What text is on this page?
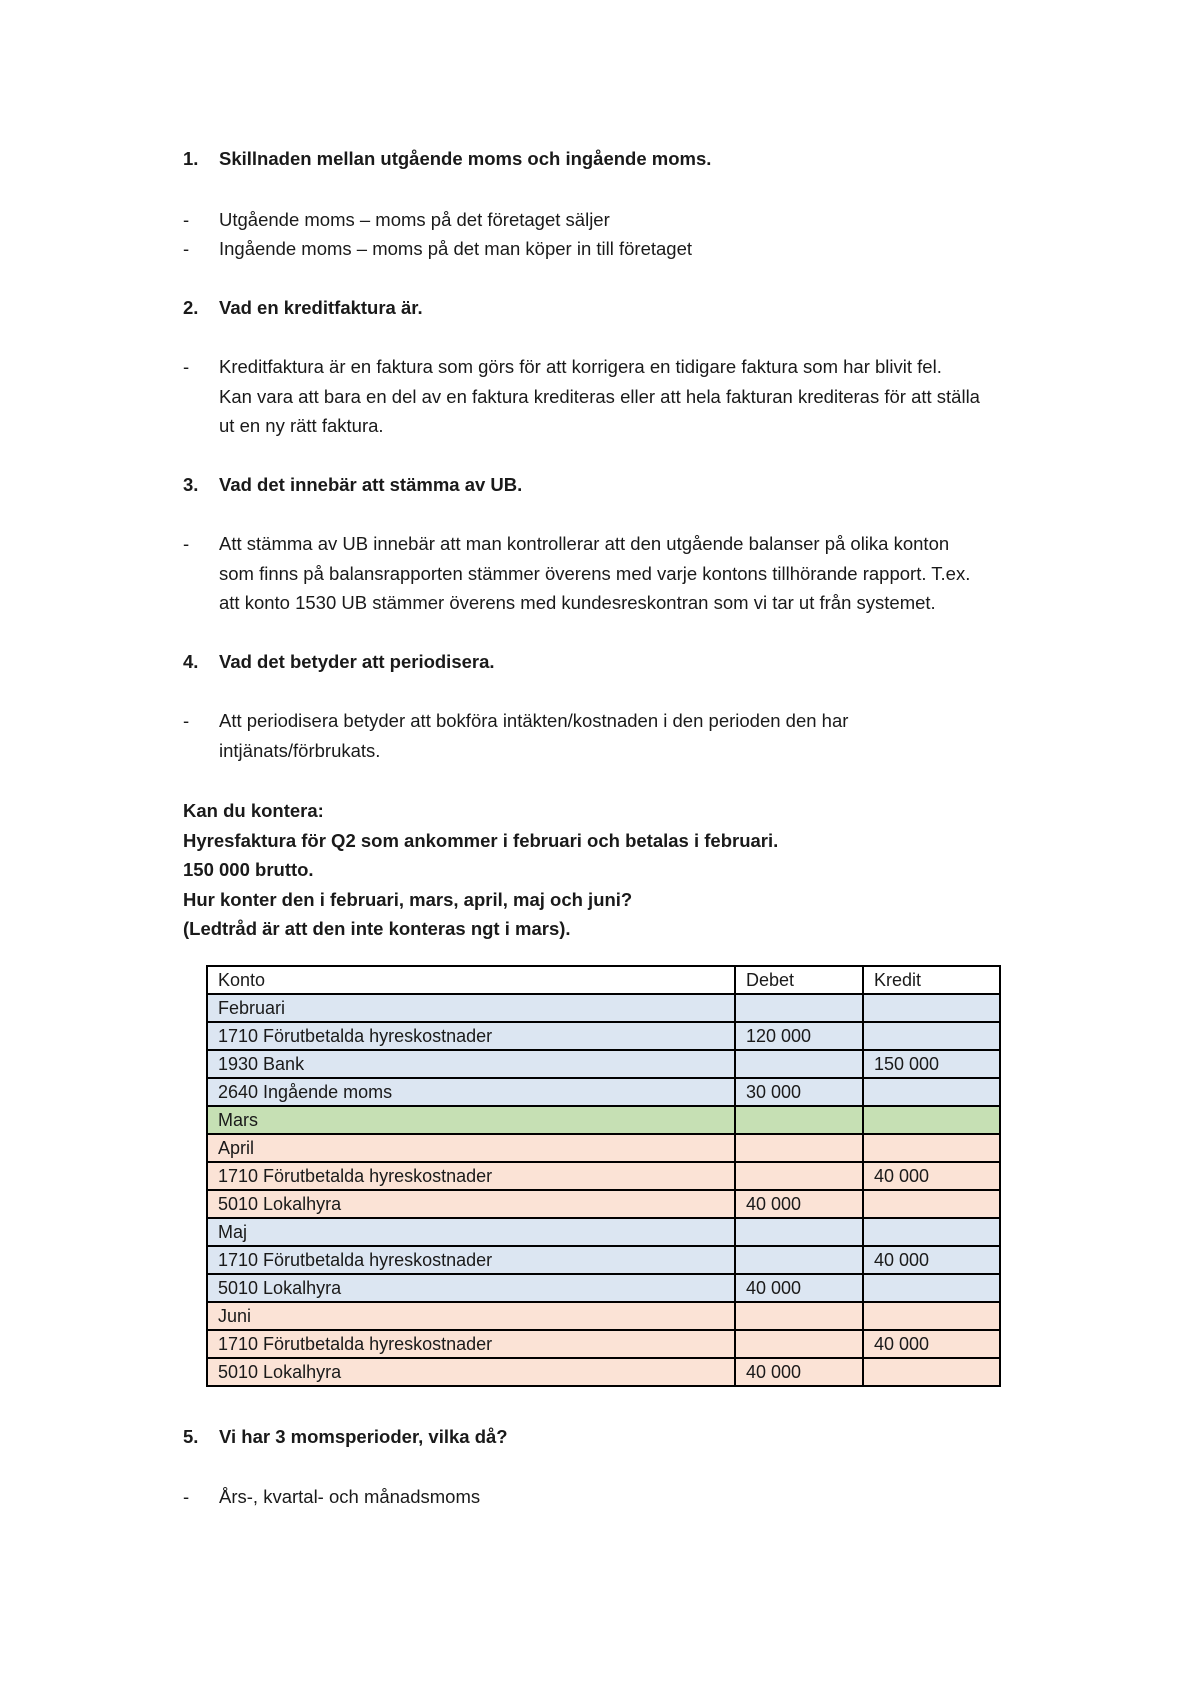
1. Skillnaden mellan utgående moms och ingående moms.
- Utgående moms – moms på det företaget säljer
- Ingående moms – moms på det man köper in till företaget
2. Vad en kreditfaktura är.
- Kreditfaktura är en faktura som görs för att korrigera en tidigare faktura som har blivit fel.
Kan vara att bara en del av en faktura krediteras eller att hela fakturan krediteras för att ställa
ut en ny rätt faktura.
3. Vad det innebär att stämma av UB.
- Att stämma av UB innebär att man kontrollerar att den utgående balanser på olika konton
som finns på balansrapporten stämmer överens med varje kontons tillhörande rapport. T.ex.
att konto 1530 UB stämmer överens med kundesreskontran som vi tar ut från systemet.
4. Vad det betyder att periodisera.
- Att periodisera betyder att bokföra intäkten/kostnaden i den perioden den har
intjänats/förbrukats.
Kan du kontera:
Hyresfaktura för Q2 som ankommer i februari och betalas i februari.
150 000 brutto.
Hur konter den i februari, mars, april, maj och juni?
(Ledtråd är att den inte konteras ngt i mars).
Konto	Debet	Kredit
Februari		
1710 Förutbetalda hyreskostnader	120 000	
1930 Bank		150 000
2640 Ingående moms	30 000	
Mars		
April		
1710 Förutbetalda hyreskostnader		40 000
5010 Lokalhyra	40 000	
Maj		
1710 Förutbetalda hyreskostnader		40 000
5010 Lokalhyra	40 000	
Juni		
1710 Förutbetalda hyreskostnader		40 000
5010 Lokalhyra	40 000	
5. Vi har 3 momsperioder, vilka då?
- Års-, kvartal- och månadsmoms
